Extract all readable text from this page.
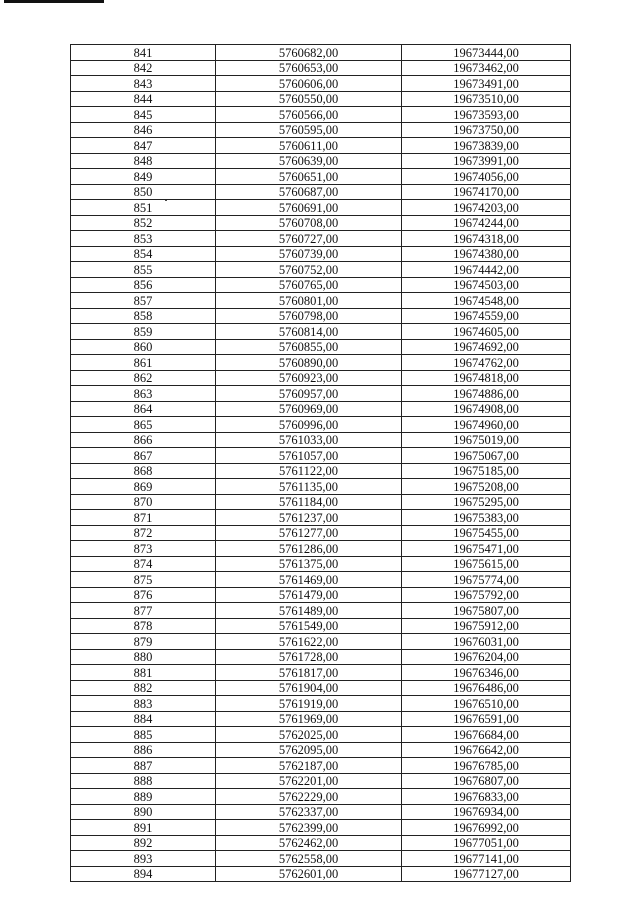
841	5760682,00	19673444,00
842	5760653,00	19673462,00
843	5760606,00	19673491,00
844	5760550,00	19673510,00
845	5760566,00	19673593,00
846	5760595,00	19673750,00
847	5760611,00	19673839,00
848	5760639,00	19673991,00
849	5760651,00	19674056,00
850	5760687,00	19674170,00
851	5760691,00	19674203,00
852	5760708,00	19674244,00
853	5760727,00	19674318,00
854	5760739,00	19674380,00
855	5760752,00	19674442,00
856	5760765,00	19674503,00
857	5760801,00	19674548,00
858	5760798,00	19674559,00
859	5760814,00	19674605,00
860	5760855,00	19674692,00
861	5760890,00	19674762,00
862	5760923,00	19674818,00
863	5760957,00	19674886,00
864	5760969,00	19674908,00
865	5760996,00	19674960,00
866	5761033,00	19675019,00
867	5761057,00	19675067,00
868	5761122,00	19675185,00
869	5761135,00	19675208,00
870	5761184,00	19675295,00
871	5761237,00	19675383,00
872	5761277,00	19675455,00
873	5761286,00	19675471,00
874	5761375,00	19675615,00
875	5761469,00	19675774,00
876	5761479,00	19675792,00
877	5761489,00	19675807,00
878	5761549,00	19675912,00
879	5761622,00	19676031,00
880	5761728,00	19676204,00
881	5761817,00	19676346,00
882	5761904,00	19676486,00
883	5761919,00	19676510,00
884	5761969,00	19676591,00
885	5762025,00	19676684,00
886	5762095,00	19676642,00
887	5762187,00	19676785,00
888	5762201,00	19676807,00
889	5762229,00	19676833,00
890	5762337,00	19676934,00
891	5762399,00	19676992,00
892	5762462,00	19677051,00
893	5762558,00	19677141,00
894	5762601,00	19677127,00
